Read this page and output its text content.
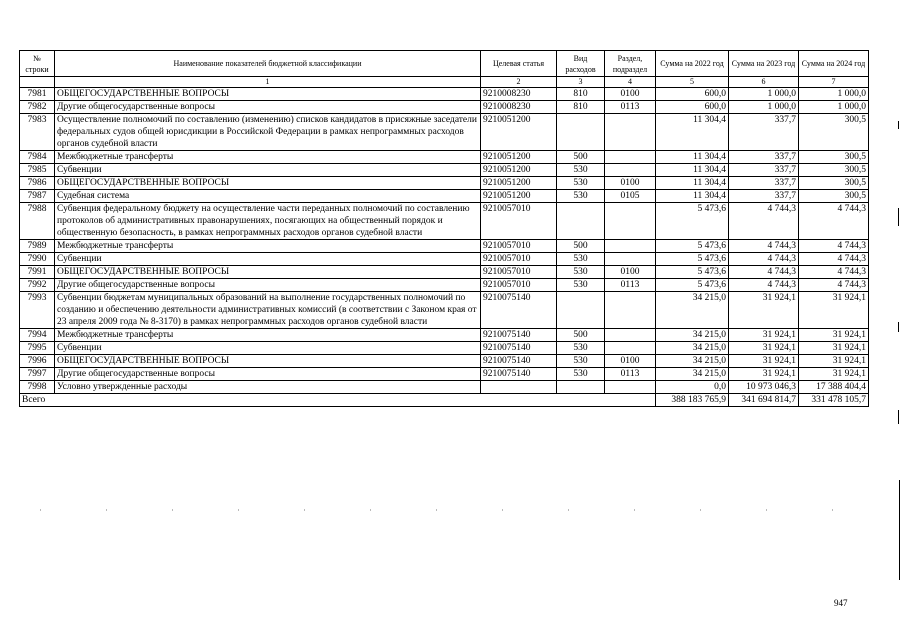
№ строки	Наименование показателей бюджетной классификации	Целевая статья	Вид расходов	Раздел, подраздел	Сумма на 2022 год	Сумма на 2023 год	Сумма на 2024 год
	1	2	3	4	5	6	7
7981	ОБЩЕГОСУДАРСТВЕННЫЕ ВОПРОСЫ	9210008230	810	0100	600,0	1 000,0	1 000,0
7982	Другие общегосударственные вопросы	9210008230	810	0113	600,0	1 000,0	1 000,0
7983	Осуществление полномочий по составлению (изменению) списков кандидатов в присяжные заседатели федеральных судов общей юрисдикции в Российской Федерации в рамках непрограммных расходов органов судебной власти	9210051200			11 304,4	337,7	300,5
7984	Межбюджетные трансферты	9210051200	500		11 304,4	337,7	300,5
7985	Субвенции	9210051200	530		11 304,4	337,7	300,5
7986	ОБЩЕГОСУДАРСТВЕННЫЕ ВОПРОСЫ	9210051200	530	0100	11 304,4	337,7	300,5
7987	Судебная система	9210051200	530	0105	11 304,4	337,7	300,5
7988	Субвенция федеральному бюджету на осуществление части переданных полномочий по составлению протоколов об административных правонарушениях, посягающих на общественный порядок и общественную безопасность, в рамках непрограммных расходов органов судебной власти	9210057010			5 473,6	4 744,3	4 744,3
7989	Межбюджетные трансферты	9210057010	500		5 473,6	4 744,3	4 744,3
7990	Субвенции	9210057010	530		5 473,6	4 744,3	4 744,3
7991	ОБЩЕГОСУДАРСТВЕННЫЕ ВОПРОСЫ	9210057010	530	0100	5 473,6	4 744,3	4 744,3
7992	Другие общегосударственные вопросы	9210057010	530	0113	5 473,6	4 744,3	4 744,3
7993	Субвенции бюджетам муниципальных образований на выполнение государственных полномочий по созданию и обеспечению деятельности административных комиссий (в соответствии с Законом края от 23 апреля 2009 года № 8-3170) в рамках непрограммных расходов органов судебной власти	9210075140			34 215,0	31 924,1	31 924,1
7994	Межбюджетные трансферты	9210075140	500		34 215,0	31 924,1	31 924,1
7995	Субвенции	9210075140	530		34 215,0	31 924,1	31 924,1
7996	ОБЩЕГОСУДАРСТВЕННЫЕ ВОПРОСЫ	9210075140	530	0100	34 215,0	31 924,1	31 924,1
7997	Другие общегосударственные вопросы	9210075140	530	0113	34 215,0	31 924,1	31 924,1
7998	Условно утвержденные расходы				0,0	10 973 046,3	17 388 404,4
Всего					388 183 765,9	341 694 814,7	331 478 105,7
947
